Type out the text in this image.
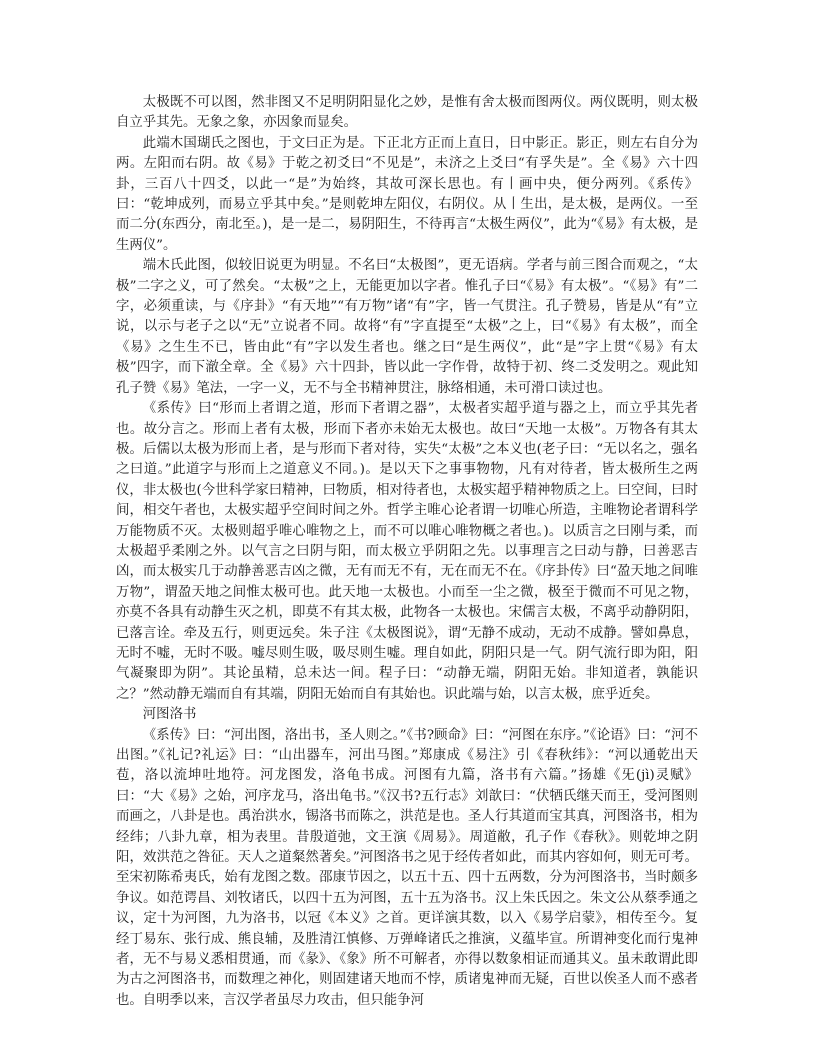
太极既不可以图，然非图又不足明阴阳显化之妙，是惟有舍太极而图两仪。两仪既明，则太极自立乎其先。无象之象，亦因象而显矣。

此端木国瑚氏之图也，于文曰正为是。下正北方正而上直日，日中影正。影正，则左右自分为两。左阳而右阴。故《易》于乾之初爻曰“不见是”，未济之上爻曰“有孚失是”。全《易》六十四卦，三百八十四爻，以此一“是”为始终，其故可深长思也。有丨画中央，便分两列。《系传》曰：“乾坤成列，而易立乎其中矣。”是则乾坤左阳仪，右阴仪。从丨生出，是太极，是两仪。一至而二分(东西分，南北至。)，是一是二，易阴阳生，不待再言“太极生两仪”，此为“《易》有太极，是生两仪”。

端木氏此图，似较旧说更为明显。不名曰“太极图”，更无语病。学者与前三图合而观之，“太极”二字之义，可了然矣。“太极”之上，无能更加以字者。惟孔子曰“《易》有太极”。“《易》有”二字，必须重读，与《序卦》“有天地”“有万物”诸“有”字，皆一气贯注。孔子赞易，皆是从“有”立说，以示与老子之以“无”立说者不同。故将“有”字直提至“太极”之上，曰“《易》有太极”，而全《易》之生生不已，皆由此“有”字以发生者也。继之曰“是生两仪”，此“是”字上贯“《易》有太极”四字，而下澈全章。全《易》六十四卦，皆以此一字作骨，故特于初、终二爻发明之。观此知孔子赞《易》笔法，一字一义，无不与全书精神贯注，脉络相通，未可滑口读过也。

《系传》曰“形而上者谓之道，形而下者谓之器”，太极者实超乎道与器之上，而立乎其先者也。故分言之。形而上者有太极，形而下者亦未始无太极也。故曰“天地一太极”。万物各有其太极。后儒以太极为形而上者，是与形而下者对待，实失“太极”之本义也(老子曰：“无以名之，强名之曰道。”此道字与形而上之道意义不同。)。是以天下之事事物物，凡有对待者，皆太极所生之两仪，非太极也(今世科学家曰精神，曰物质，相对待者也，太极实超乎精神物质之上。曰空间，曰时间，相交午者也，太极实超乎空间时间之外。哲学主唯心论者谓一切唯心所造，主唯物论者谓科学万能物质不灭。太极则超乎唯心唯物之上，而不可以唯心唯物概之者也。)。以质言之曰刚与柔，而太极超乎柔刚之外。以气言之曰阴与阳，而太极立乎阴阳之先。以事理言之曰动与静，曰善恶吉凶，而太极实几于动静善恶吉凶之微，无有而无不有，无在而无不在。《序卦传》曰“盈天地之间唯万物”，谓盈天地之间惟太极可也。此天地一太极也。小而至一尘之微，极至于微而不可见之物，亦莫不各具有动静生灭之机，即莫不有其太极，此物各一太极也。宋儒言太极，不离乎动静阴阳，已落言诠。牵及五行，则更远矣。朱子注《太极图说》，谓“无静不成动，无动不成静。譬如鼻息，无时不嘘，无时不吸。嘘尽则生吸，吸尽则生嘘。理自如此，阴阳只是一气。阴气流行即为阳，阳气凝聚即为阴”。其论虽精，总未达一间。程子曰：“动静无端，阴阳无始。非知道者，孰能识之？”然动静无端而自有其端，阴阳无始而自有其始也。识此端与始，以言太极，庶乎近矣。

河图洛书

《系传》曰：“河出图，洛出书，圣人则之。”《书?顾命》曰：“河图在东序。”《论语》曰：“河不出图。”《礼记?礼运》曰：“山出器车，河出马图。”郑康成《易注》引《春秋纬》：“河以通乾出天苞，洛以流坤吐地符。河龙图发，洛龟书成。河图有九篇，洛书有六篇。”扬雄《旡(jì)灵赋》曰：“大《易》之始，河序龙马，洛出龟书。”《汉书?五行志》刘歆曰：“伏牺氏继天而王，受河图则而画之，八卦是也。禹治洪水，锡洛书而陈之，洪范是也。圣人行其道而宝其真，河图洛书，相为经纬；八卦九章，相为表里。昔殷道弛，文王演《周易》。周道敝，孔子作《春秋》。则乾坤之阴阳，效洪范之咎征。天人之道粲然著矣。”河图洛书之见于经传者如此，而其内容如何，则无可考。至宋初陈希夷氏，始有龙图之数。邵康节因之，以五十五、四十五两数，分为河图洛书，当时颇多争议。如范谔昌、刘牧诸氏，以四十五为河图，五十五为洛书。汉上朱氏因之。朱文公从蔡季通之议，定十为河图，九为洛书，以冠《本义》之首。更详演其数，以入《易学启蒙》，相传至今。复经丁易东、张行成、熊良辅，及胜清江慎修、万弹峰诸氏之推演，义蕴毕宣。所谓神变化而行鬼神者，无不与易义悉相贯通，而《彖》、《象》所不可解者，亦得以数象相证而通其义。虽未敢谓此即为古之河图洛书，而数理之神化，则固建诸天地而不悖，质诸鬼神而无疑，百世以俟圣人而不惑者也。自明季以来，言汉学者虽尽力攻击，但只能争河
